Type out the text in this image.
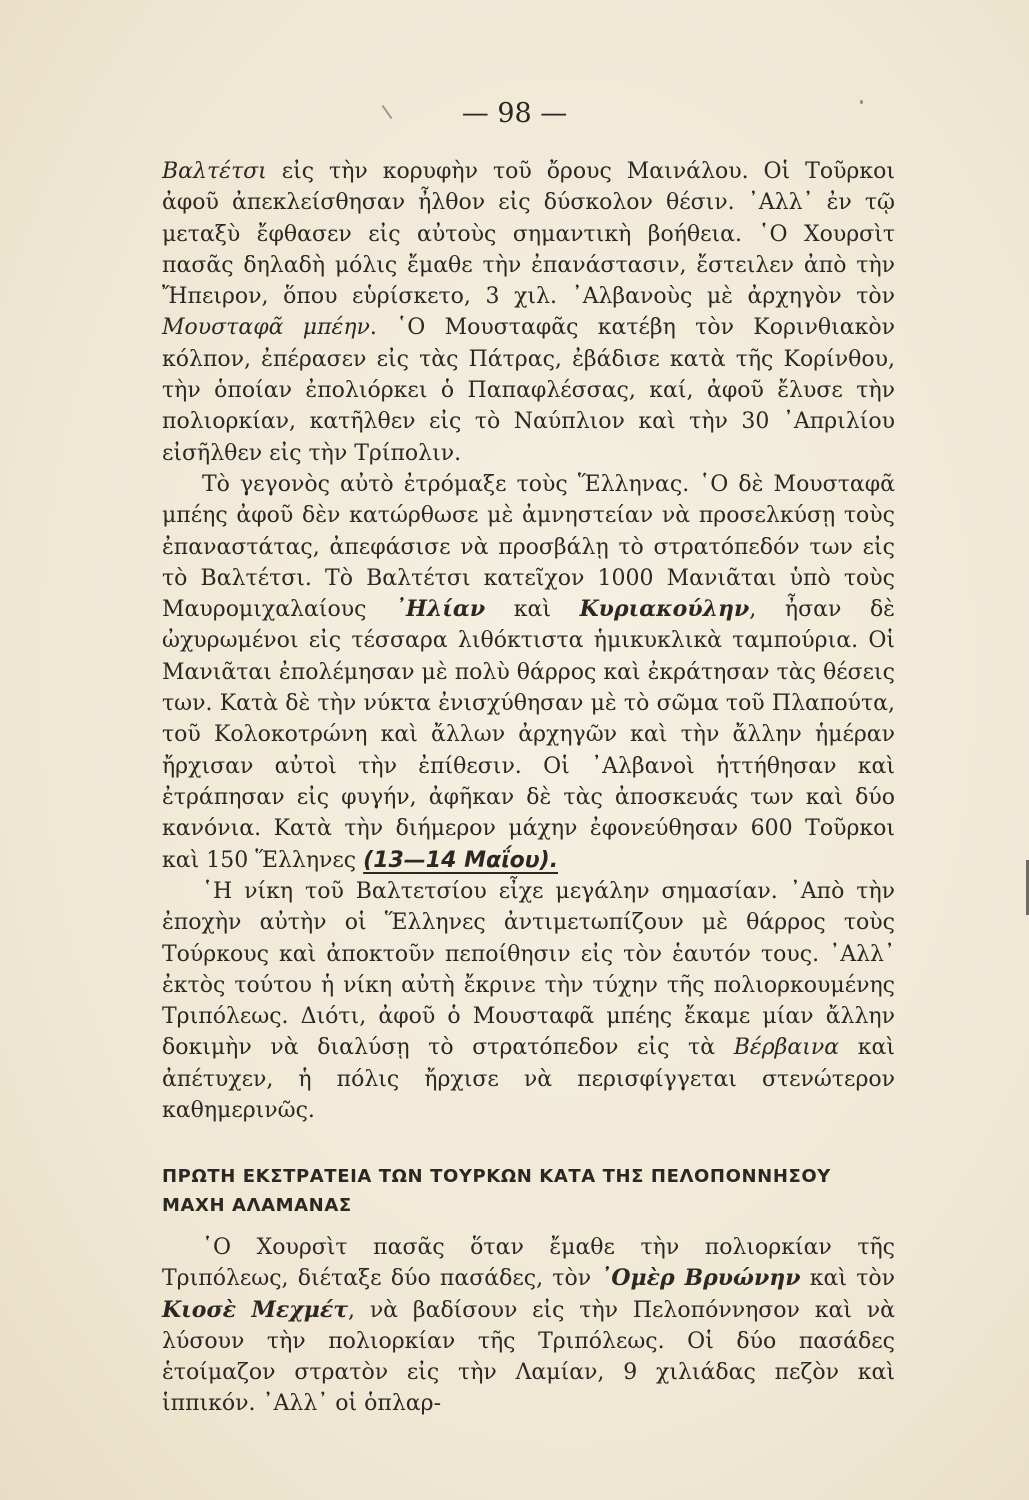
— 98 —

Βαλτέτσι εἰς τὴν κορυφὴν τοῦ ὄρους Μαινάλου. Οἱ Τοῦρκοι ἀφοῦ ἀπεκλείσθησαν ἦλθον εἰς δύσκολον θέσιν. ᾿Αλλ᾿ ἐν τῷ μεταξὺ ἔφθασεν εἰς αὐτοὺς σημαντικὴ βοήθεια. ῾Ο Χουρσὶτ πασᾶς δηλαδὴ μόλις ἔμαθε τὴν ἐπανάστασιν, ἔστειλεν ἀπὸ τὴν Ἤπειρον, ὅπου εὑρίσκετο, 3 χιλ. ᾿Αλβανοὺς μὲ ἀρχηγὸν τὸν Μουσταφᾶ μπέην. ῾Ο Μουσταφᾶς κατέβη τὸν Κορινθιακὸν κόλπον, ἐπέρασεν εἰς τὰς Πάτρας, ἐβάδισε κατὰ τῆς Κορίνθου, τὴν ὁποίαν ἐπολιόρκει ὁ Παπαφλέσσας, καί, ἀφοῦ ἔλυσε τὴν πολιορκίαν, κατῆλθεν εἰς τὸ Ναύπλιον καὶ τὴν 30 ᾿Απριλίου εἰσῆλθεν εἰς τὴν Τρίπολιν.

Τὸ γεγονὸς αὐτὸ ἐτρόμαξε τοὺς Ἕλληνας. ῾Ο δὲ Μουσταφᾶ μπέης ἀφοῦ δὲν κατώρθωσε μὲ ἀμνηστείαν νὰ προσελκύσῃ τοὺς ἐπαναστάτας, ἀπεφάσισε νὰ προσβάλῃ τὸ στρατόπεδόν των εἰς τὸ Βαλτέτσι. Τὸ Βαλτέτσι κατεῖχον 1000 Μανιᾶται ὑπὸ τοὺς Μαυρομιχαλαίους ᾿Ηλίαν καὶ Κυριακούλην, ἦσαν δὲ ὠχυρωμένοι εἰς τέσσαρα λιθόκτιστα ἡμικυκλικὰ ταμπούρια. Οἱ Μανιᾶται ἐπολέμησαν μὲ πολὺ θάρρος καὶ ἐκράτησαν τὰς θέσεις των. Κατὰ δὲ τὴν νύκτα ἐνισχύθησαν μὲ τὸ σῶμα τοῦ Πλαπούτα, τοῦ Κολοκοτρώνη καὶ ἄλλων ἀρχηγῶν καὶ τὴν ἄλλην ἡμέραν ἤρχισαν αὐτοὶ τὴν ἐπίθεσιν. Οἱ ᾿Αλβανοὶ ἡττήθησαν καὶ ἐτράπησαν εἰς φυγήν, ἀφῆκαν δὲ τὰς ἀποσκευάς των καὶ δύο κανόνια. Κατὰ τὴν διήμερον μάχην ἐφονεύθησαν 600 Τοῦρκοι καὶ 150 Ἕλληνες (13—14 Μαΐου).

῾Η νίκη τοῦ Βαλτετσίου εἶχε μεγάλην σημασίαν. ᾿Απὸ τὴν ἐποχὴν αὐτὴν οἱ Ἕλληνες ἀντιμετωπίζουν μὲ θάρρος τοὺς Τούρκους καὶ ἀποκτοῦν πεποίθησιν εἰς τὸν ἑαυτόν τους. ᾿Αλλ᾿ ἐκτὸς τούτου ἡ νίκη αὐτὴ ἔκρινε τὴν τύχην τῆς πολιορκουμένης Τριπόλεως. Διότι, ἀφοῦ ὁ Μουσταφᾶ μπέης ἔκαμε μίαν ἄλλην δοκιμὴν νὰ διαλύσῃ τὸ στρατόπεδον εἰς τὰ Βέρβαινα καὶ ἀπέτυχεν, ἡ πόλις ἤρχισε νὰ περισφίγγεται στενώτερον καθημερινῶς.

ΠΡΩΤΗ ΕΚΣΤΡΑΤΕΙΑ ΤΩΝ ΤΟΥΡΚΩΝ ΚΑΤΑ ΤΗΣ ΠΕΛΟΠΟΝΝΗΣΟΥ
ΜΑΧΗ ΑΛΑΜΑΝΑΣ

῾Ο Χουρσὶτ πασᾶς ὅταν ἔμαθε τὴν πολιορκίαν τῆς Τριπόλεως, διέταξε δύο πασάδες, τὸν ᾿Ομὲρ Βρυώνην καὶ τὸν Κιοσὲ Μεχμέτ, νὰ βαδίσουν εἰς τὴν Πελοπόννησον καὶ νὰ λύσουν τὴν πολιορκίαν τῆς Τριπόλεως. Οἱ δύο πασάδες ἑτοίμαζον στρατὸν εἰς τὴν Λαμίαν, 9 χιλιάδας πεζὸν καὶ ἱππικόν. ᾿Αλλ᾿ οἱ ὁπλαρ-
